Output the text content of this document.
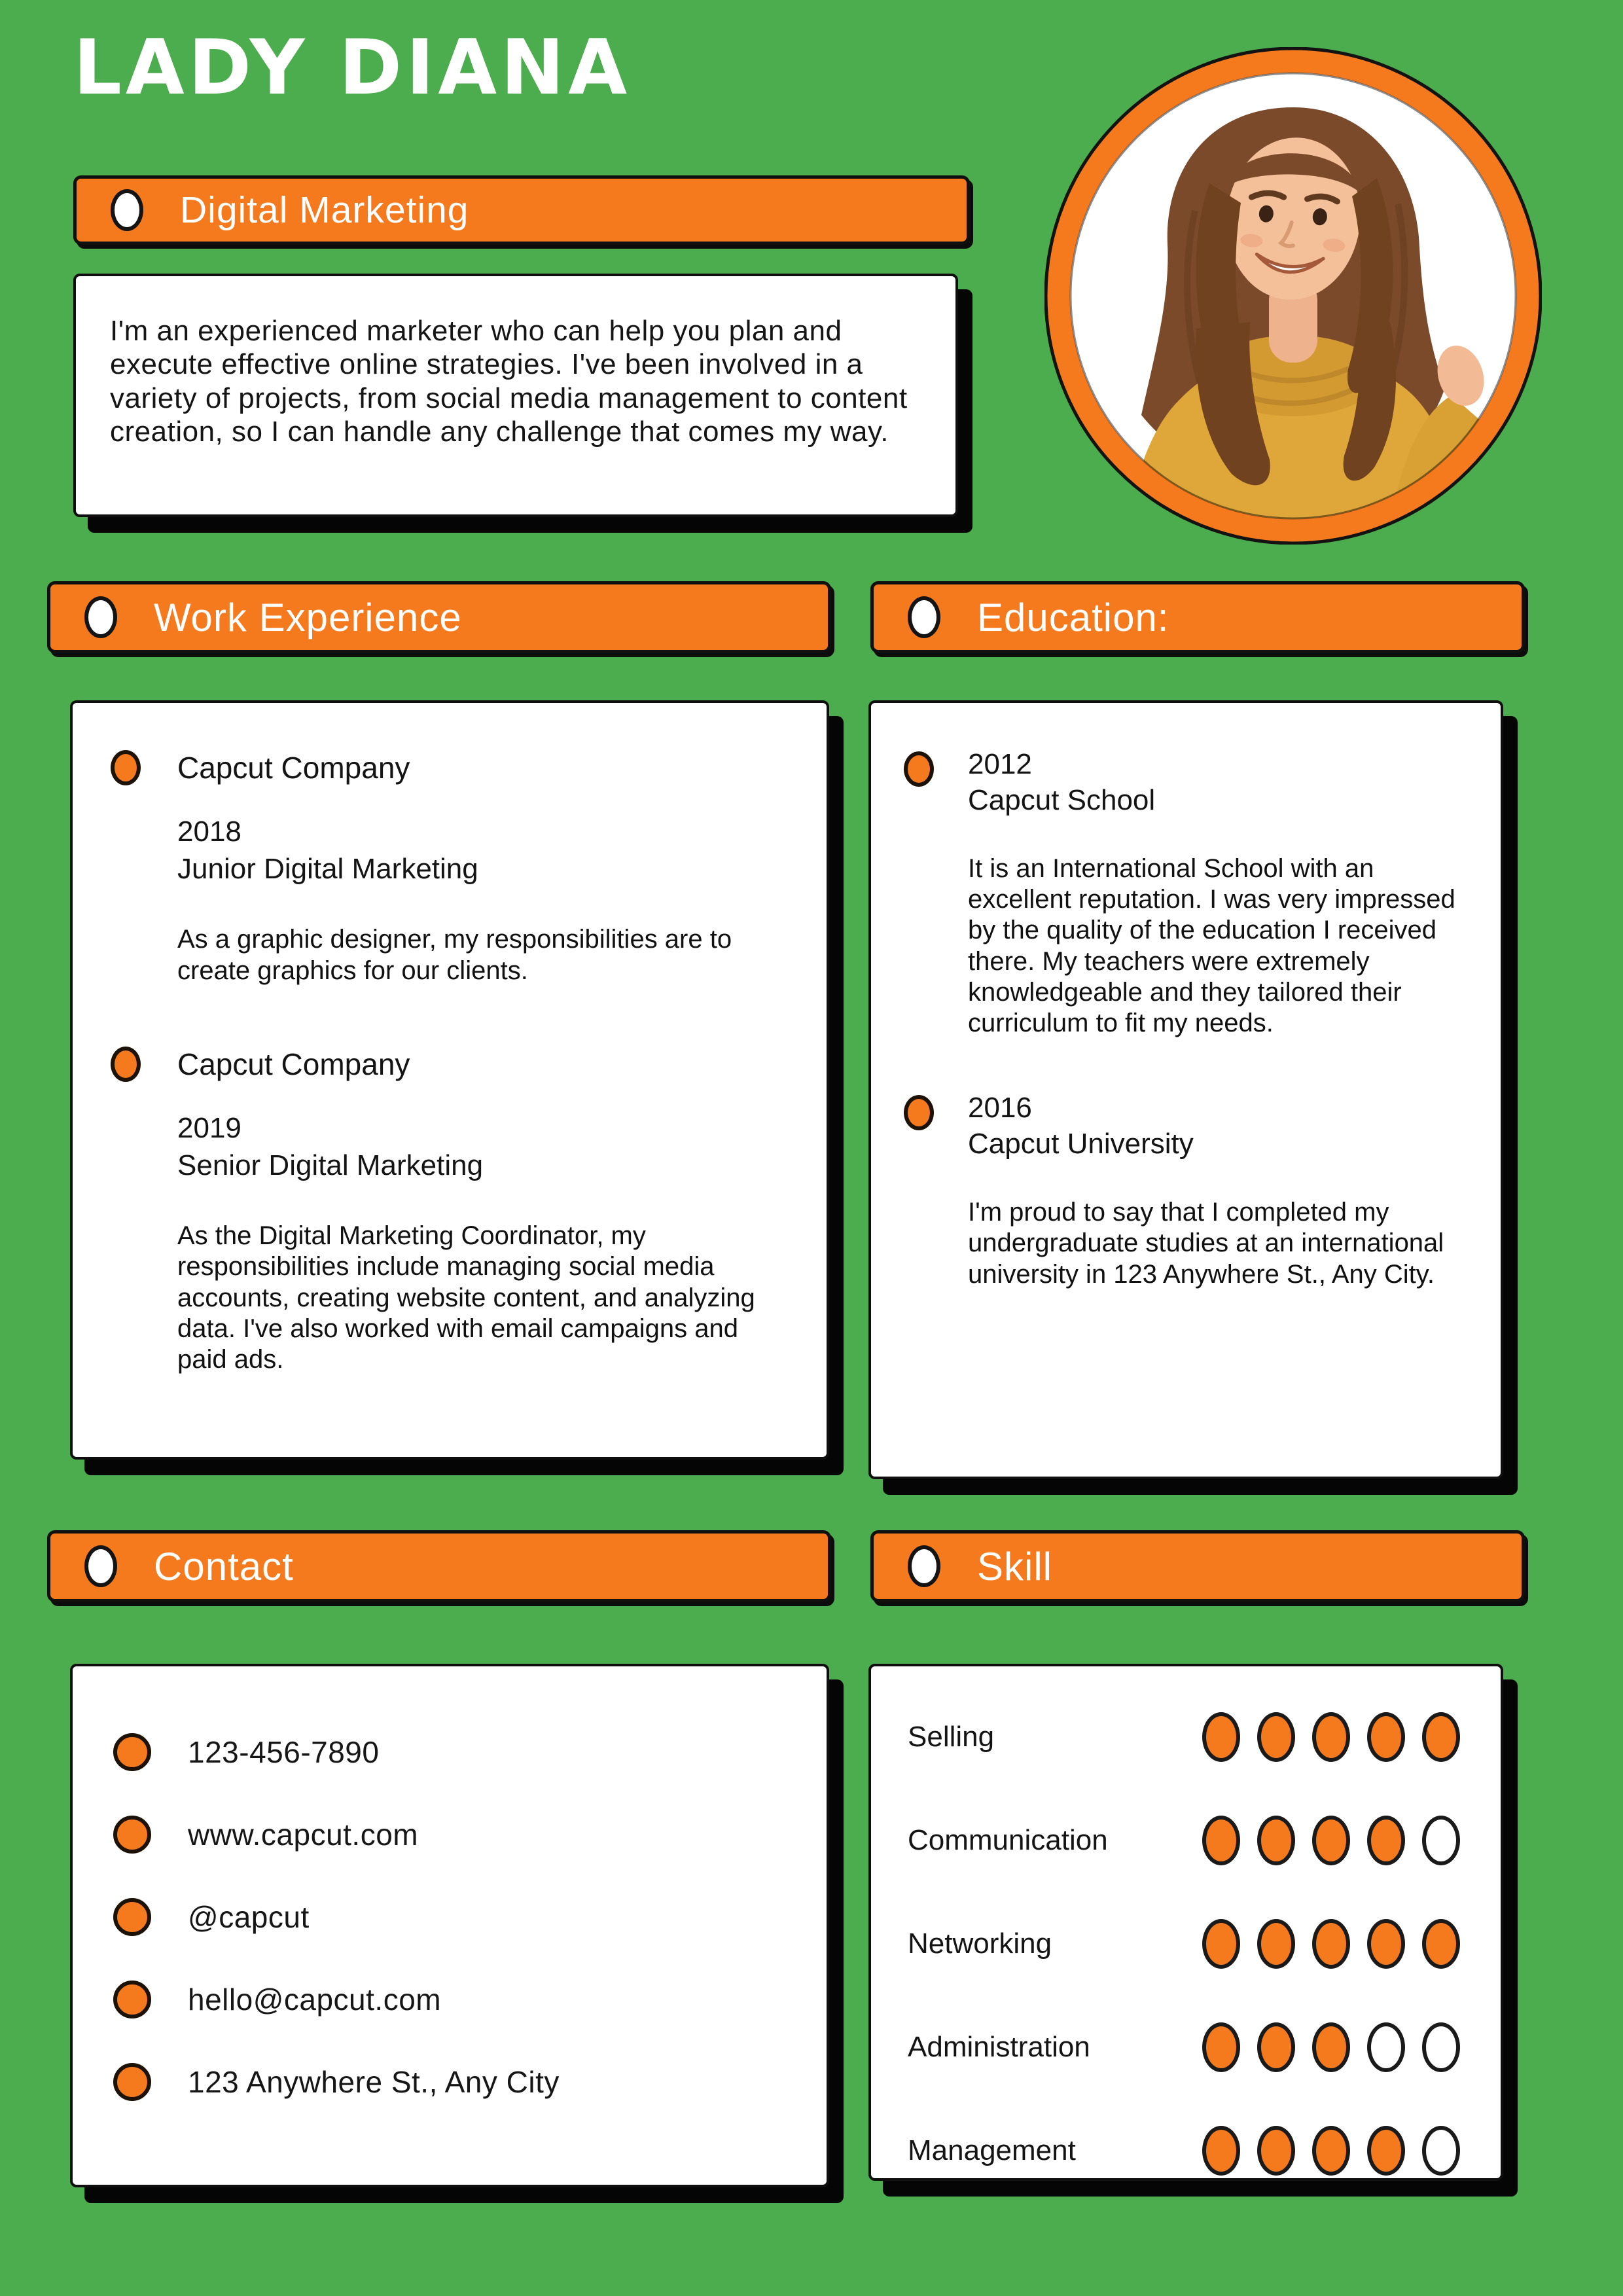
LADY DIANA
Digital Marketing

I'm an experienced marketer who can help you plan and execute effective online strategies. I've been involved in a variety of projects, from social media management to content creation, so I can handle any challenge that comes my way.

Work Experience	Education:
Capcut Company
2018
Junior Digital Marketing

As a graphic designer, my responsibilities are to create graphics for our clients.

Capcut Company
2019
Senior Digital Marketing

As the Digital Marketing Coordinator, my responsibilities include managing social media accounts, creating website content, and analyzing data. I've also worked with email campaigns and paid ads.

2012
Capcut School

It is an International School with an excellent reputation. I was very impressed by the quality of the education I received there. My teachers were extremely knowledgeable and they tailored their curriculum to fit my needs.

2016
Capcut University

I'm proud to say that I completed my undergraduate studies at an international university in 123 Anywhere St., Any City.

Contact	Skill
123-456-7890
www.capcut.com
@capcut
hello@capcut.com
123 Anywhere St., Any City
Selling
Communication
Networking
Administration
Management
